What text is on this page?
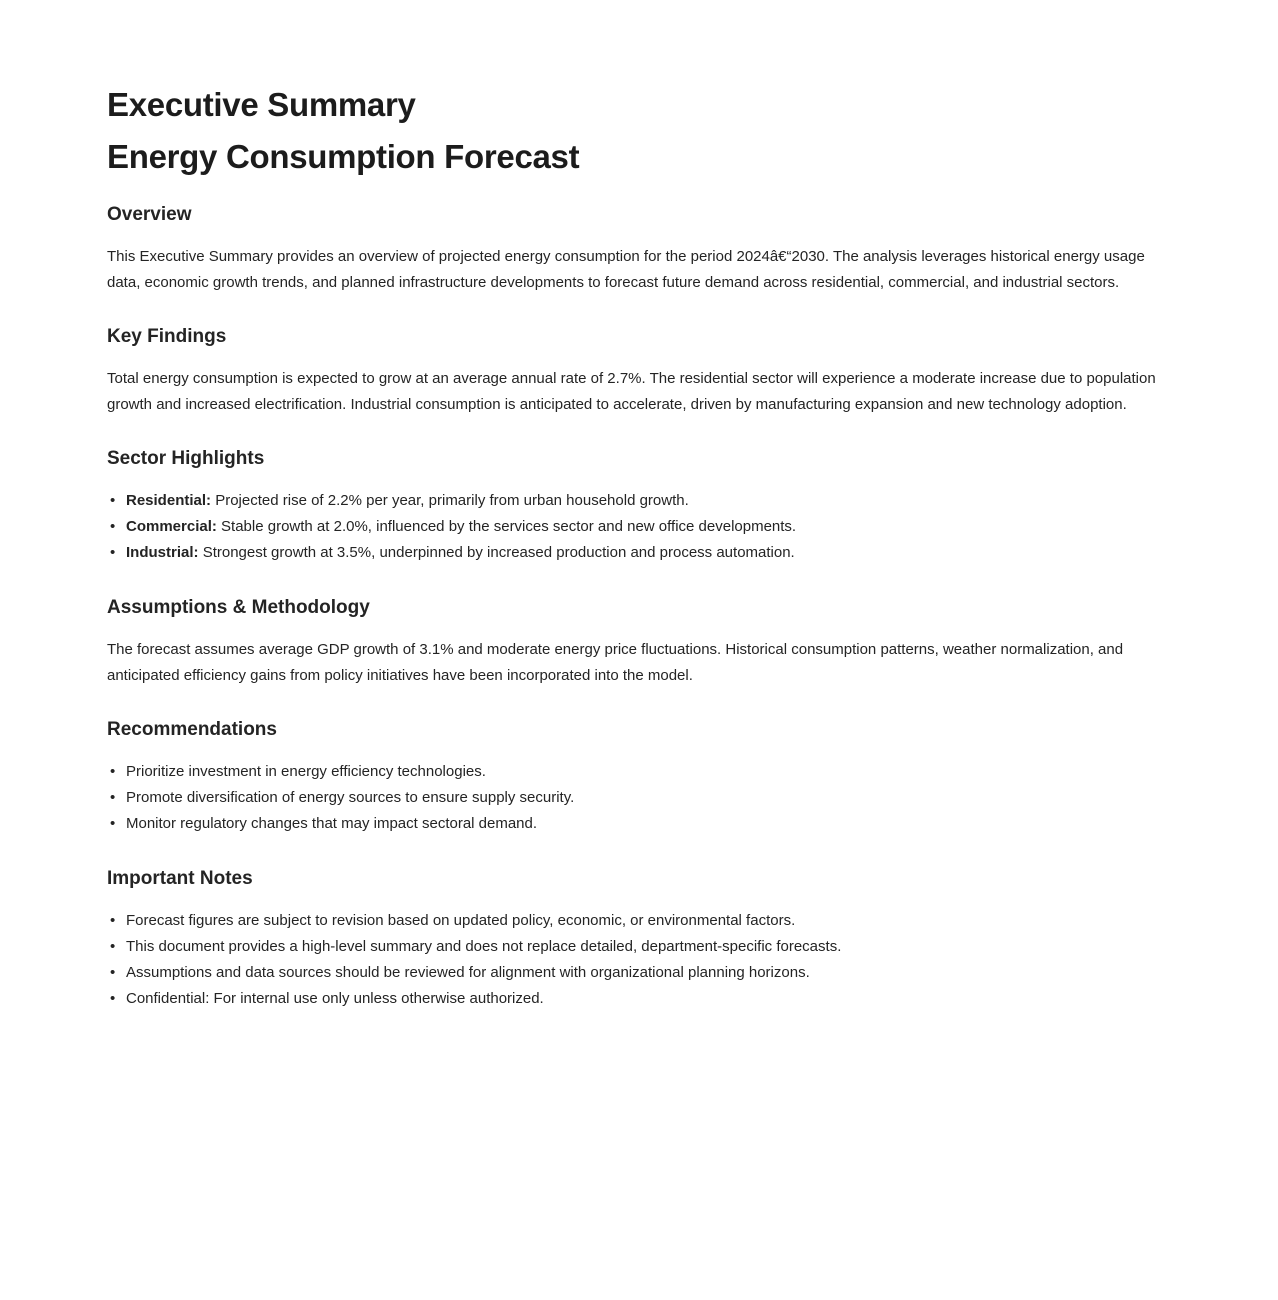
Executive Summary
Energy Consumption Forecast
Overview

This Executive Summary provides an overview of projected energy consumption for the period 2024â€“2030. The analysis leverages historical energy usage data, economic growth trends, and planned infrastructure developments to forecast future demand across residential, commercial, and industrial sectors.

Key Findings

Total energy consumption is expected to grow at an average annual rate of 2.7%. The residential sector will experience a moderate increase due to population growth and increased electrification. Industrial consumption is anticipated to accelerate, driven by manufacturing expansion and new technology adoption.

Sector Highlights
• Residential: Projected rise of 2.2% per year, primarily from urban household growth.
• Commercial: Stable growth at 2.0%, influenced by the services sector and new office developments.
• Industrial: Strongest growth at 3.5%, underpinned by increased production and process automation.
Assumptions & Methodology

The forecast assumes average GDP growth of 3.1% and moderate energy price fluctuations. Historical consumption patterns, weather normalization, and anticipated efficiency gains from policy initiatives have been incorporated into the model.

Recommendations
• Prioritize investment in energy efficiency technologies.
• Promote diversification of energy sources to ensure supply security.
• Monitor regulatory changes that may impact sectoral demand.
Important Notes
• Forecast figures are subject to revision based on updated policy, economic, or environmental factors.
• This document provides a high-level summary and does not replace detailed, department-specific forecasts.
• Assumptions and data sources should be reviewed for alignment with organizational planning horizons.
• Confidential: For internal use only unless otherwise authorized.
